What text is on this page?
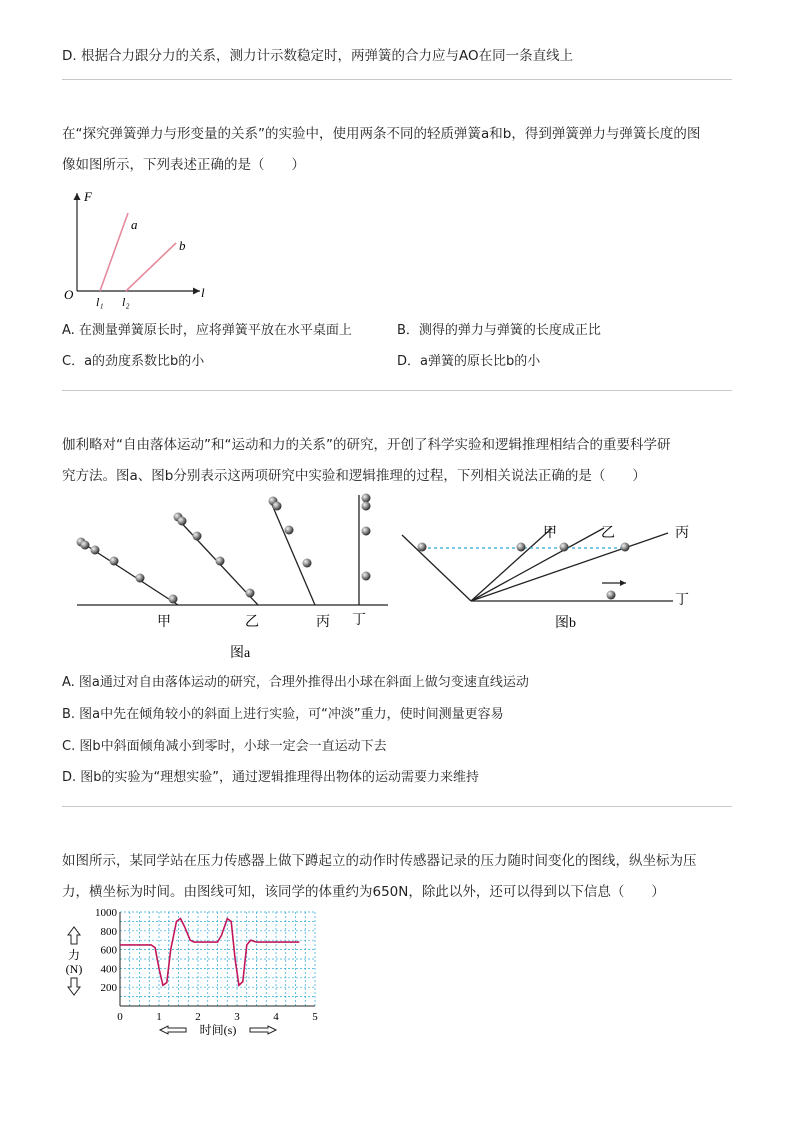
D. 根据合力跟分力的关系，测力计示数稳定时，两弹簧的合力应与AO在同一条直线上
在“探究弹簧弹力与形变量的关系”的实验中，使用两条不同的轻质弹簧a和b，得到弹簧弹力与弹簧长度的图
像如图所示，下列表述正确的是（　　）
F
l
O
a
b
l₁ l₂
A. 在测量弹簧原长时，应将弹簧平放在水平桌面上	B．测得的弹力与弹簧的长度成正比
C．a的劲度系数比b的小	D．a弹簧的原长比b的小
伽利略对“自由落体运动”和“运动和力的关系”的研究，开创了科学实验和逻辑推理相结合的重要科学研
究方法。图a、图b分别表示这两项研究中实验和逻辑推理的过程，下列相关说法正确的是（　　）
甲	乙	丙 丁
图a
甲	乙	丙
丁
图b
A. 图a通过对自由落体运动的研究，合理外推得出小球在斜面上做匀变速直线运动
B. 图a中先在倾角较小的斜面上进行实验，可“冲淡”重力，使时间测量更容易
C. 图b中斜面倾角减小到零时，小球一定会一直运动下去
D. 图b的实验为“理想实验”，通过逻辑推理得出物体的运动需要力来维持
如图所示，某同学站在压力传感器上做下蹲起立的动作时传感器记录的压力随时间变化的图线，纵坐标为压
力，横坐标为时间。由图线可知，该同学的体重约为650N，除此以外，还可以得到以下信息（　　）
0	1	2	3	4	5
200
400
600
800
1000
力
(N)
时间(s)
